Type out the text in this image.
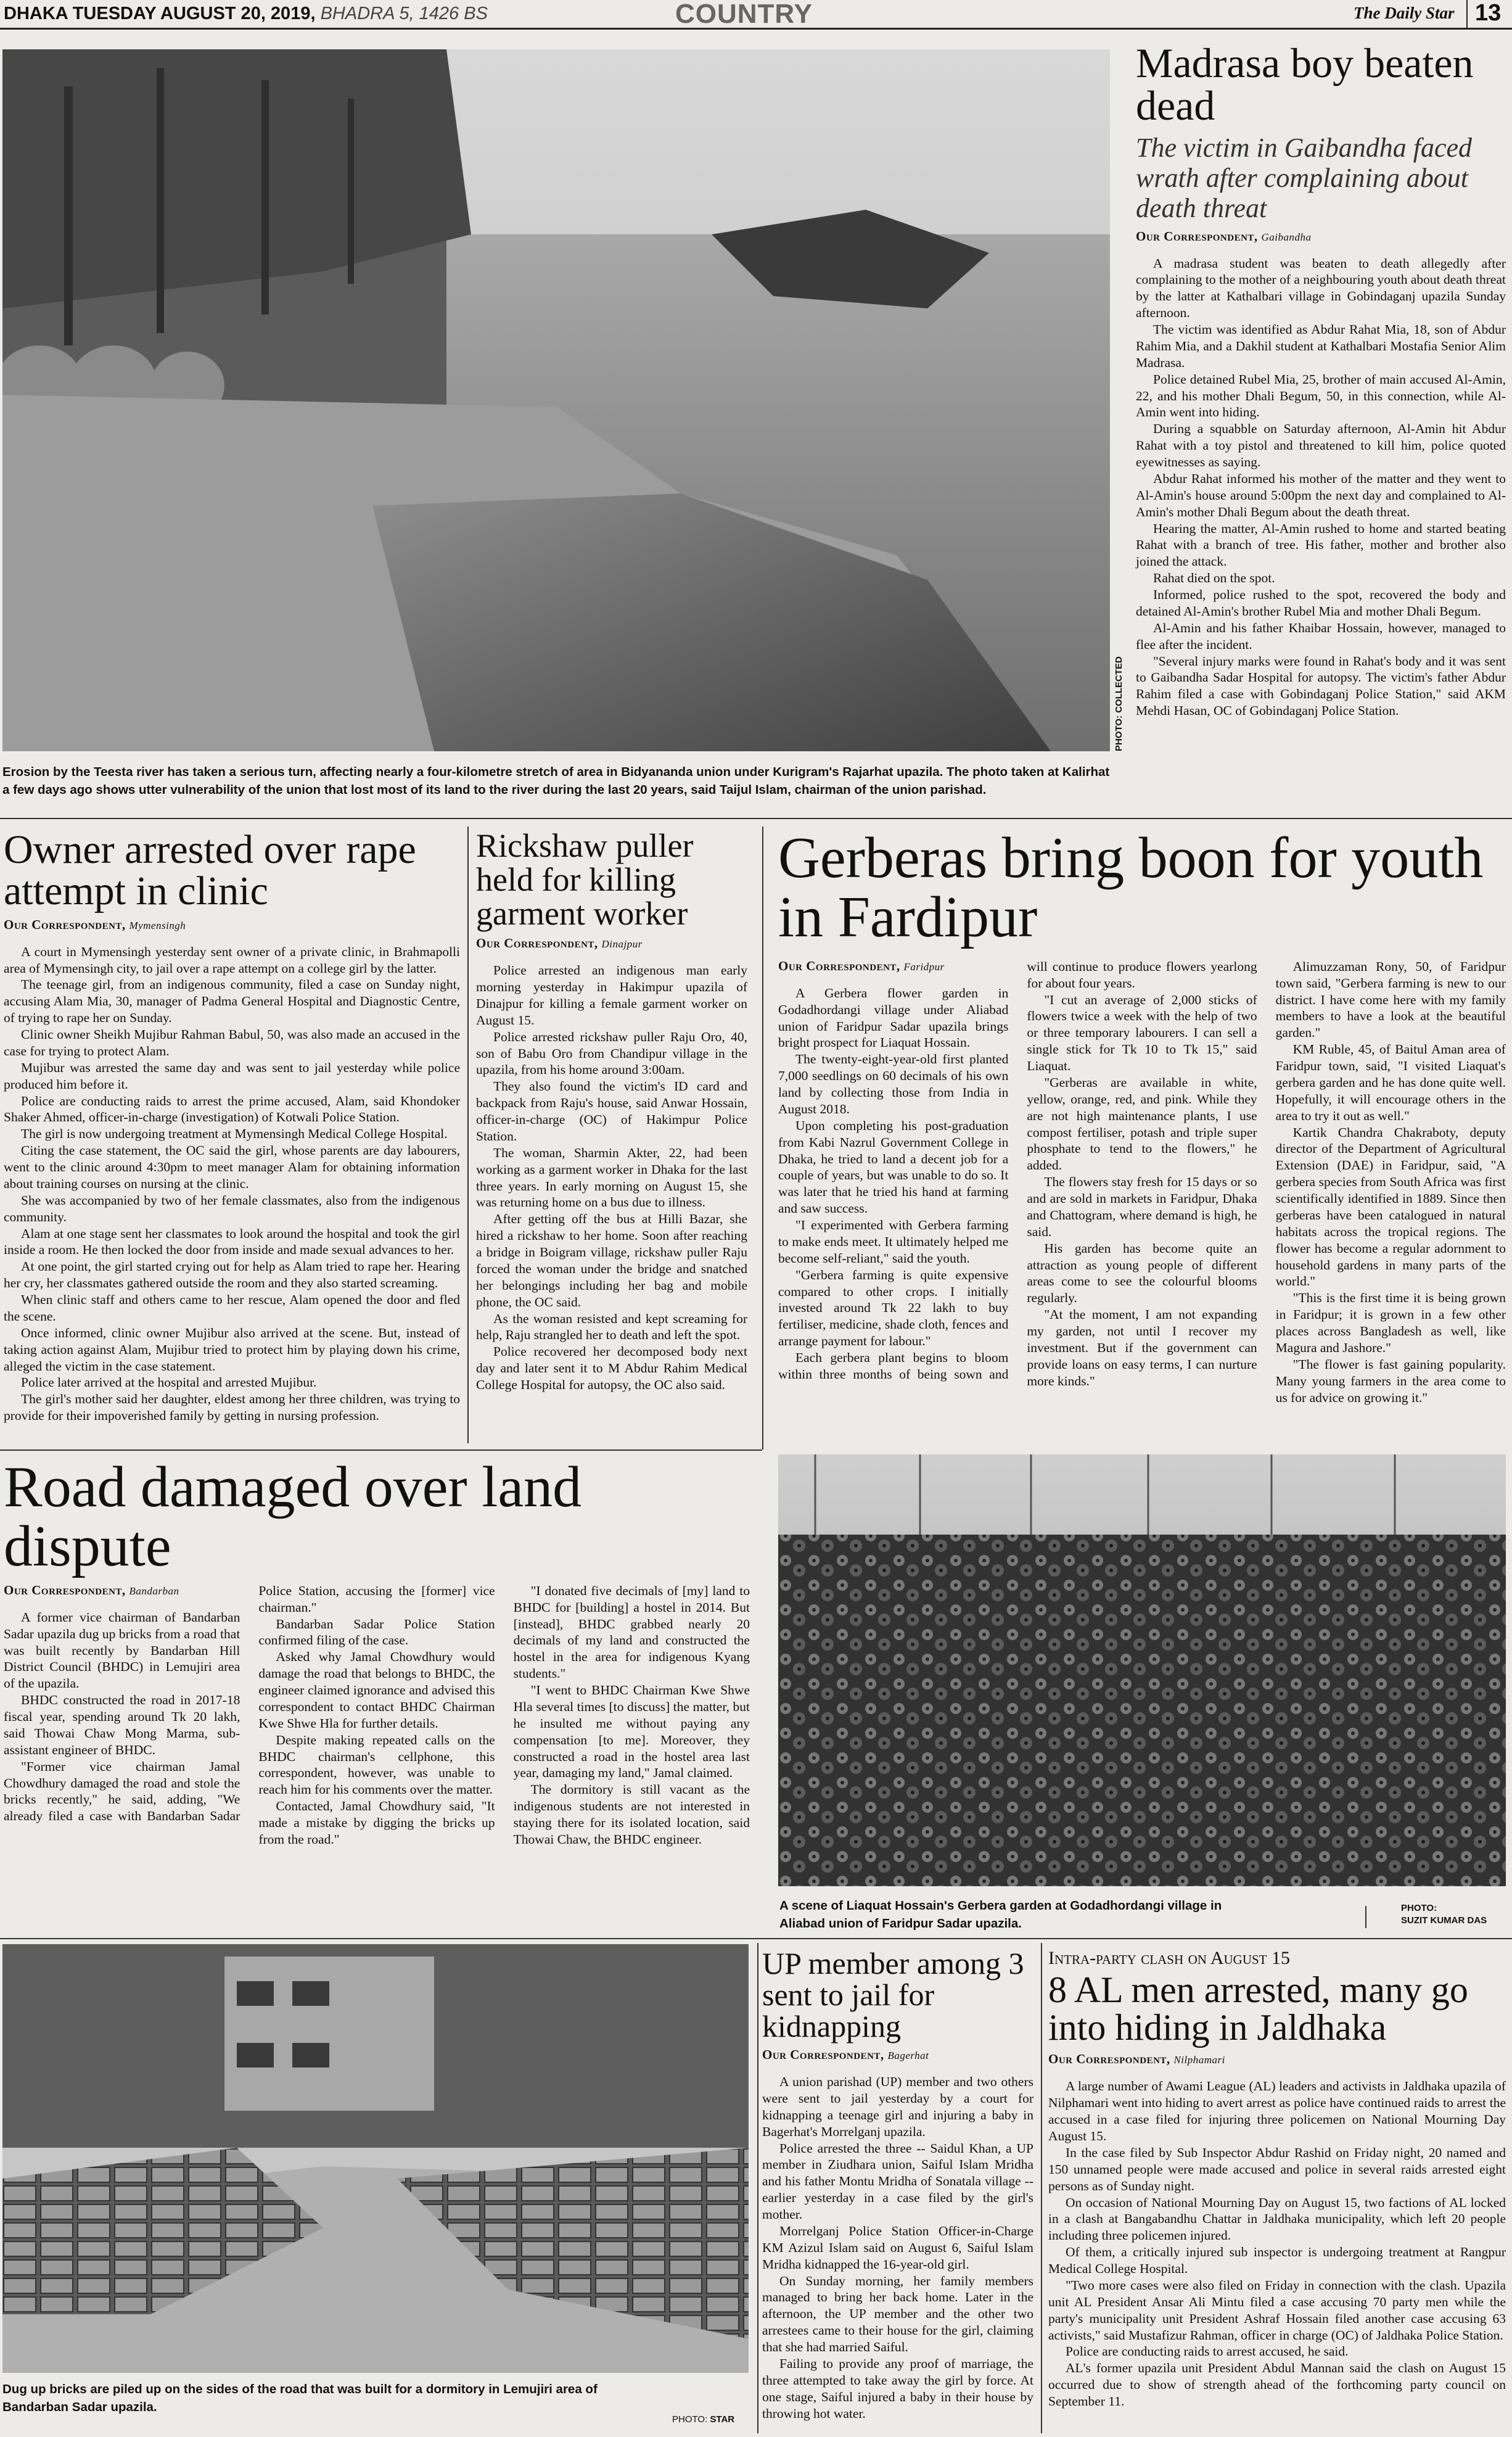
DHAKA TUESDAY AUGUST 20, 2019, BHADRA 5, 1426 BS	COUNTRY	The Daily Star 13
PHOTO: COLLECTED
Erosion by the Teesta river has taken a serious turn, affecting nearly a four-kilometre stretch of area in Bidyananda union under Kurigram's Rajarhat upazila. The photo taken at Kalirhat a few days ago shows utter vulnerability of the union that lost most of its land to the river during the last 20 years, said Taijul Islam, chairman of the union parishad.
Madrasa boy beaten dead
The victim in Gaibandha faced wrath after complaining about death threat
Our Correspondent, Gaibandha

A madrasa student was beaten to death allegedly after complaining to the mother of a neighbouring youth about death threat by the latter at Kathalbari village in Gobindaganj upazila Sunday afternoon.

The victim was identified as Abdur Rahat Mia, 18, son of Abdur Rahim Mia, and a Dakhil student at Kathalbari Mostafia Senior Alim Madrasa.

Police detained Rubel Mia, 25, brother of main accused Al-Amin, 22, and his mother Dhali Begum, 50, in this connection, while Al-Amin went into hiding.

During a squabble on Saturday afternoon, Al-Amin hit Abdur Rahat with a toy pistol and threatened to kill him, police quoted eyewitnesses as saying.

Abdur Rahat informed his mother of the matter and they went to Al-Amin's house around 5:00pm the next day and complained to Al-Amin's mother Dhali Begum about the death threat.

Hearing the matter, Al-Amin rushed to home and started beating Rahat with a branch of tree. His father, mother and brother also joined the attack.

Rahat died on the spot.

Informed, police rushed to the spot, recovered the body and detained Al-Amin's brother Rubel Mia and mother Dhali Begum.

Al-Amin and his father Khaibar Hossain, however, managed to flee after the incident.

"Several injury marks were found in Rahat's body and it was sent to Gaibandha Sadar Hospital for autopsy. The victim's father Abdur Rahim filed a case with Gobindaganj Police Station," said AKM Mehdi Hasan, OC of Gobindaganj Police Station.

Owner arrested over rape attempt in clinic
Our Correspondent, Mymensingh

A court in Mymensingh yesterday sent owner of a private clinic, in Brahmapolli area of Mymensingh city, to jail over a rape attempt on a college girl by the latter.

The teenage girl, from an indigenous community, filed a case on Sunday night, accusing Alam Mia, 30, manager of Padma General Hospital and Diagnostic Centre, of trying to rape her on Sunday.

Clinic owner Sheikh Mujibur Rahman Babul, 50, was also made an accused in the case for trying to protect Alam.

Mujibur was arrested the same day and was sent to jail yesterday while police produced him before it.

Police are conducting raids to arrest the prime accused, Alam, said Khondoker Shaker Ahmed, officer-in-charge (investigation) of Kotwali Police Station.

The girl is now undergoing treatment at Mymensingh Medical College Hospital.

Citing the case statement, the OC said the girl, whose parents are day labourers, went to the clinic around 4:30pm to meet manager Alam for obtaining information about training courses on nursing at the clinic.

She was accompanied by two of her female classmates, also from the indigenous community.

Alam at one stage sent her classmates to look around the hospital and took the girl inside a room. He then locked the door from inside and made sexual advances to her.

At one point, the girl started crying out for help as Alam tried to rape her. Hearing her cry, her classmates gathered outside the room and they also started screaming.

When clinic staff and others came to her rescue, Alam opened the door and fled the scene.

Once informed, clinic owner Mujibur also arrived at the scene. But, instead of taking action against Alam, Mujibur tried to protect him by playing down his crime, alleged the victim in the case statement.

Police later arrived at the hospital and arrested Mujibur.

The girl's mother said her daughter, eldest among her three children, was trying to provide for their impoverished family by getting in nursing profession.

Rickshaw puller held for killing garment worker
Our Correspondent, Dinajpur

Police arrested an indigenous man early morning yesterday in Hakimpur upazila of Dinajpur for killing a female garment worker on August 15.

Police arrested rickshaw puller Raju Oro, 40, son of Babu Oro from Chandipur village in the upazila, from his home around 3:00am.

They also found the victim's ID card and backpack from Raju's house, said Anwar Hossain, officer-in-charge (OC) of Hakimpur Police Station.

The woman, Sharmin Akter, 22, had been working as a garment worker in Dhaka for the last three years. In early morning on August 15, she was returning home on a bus due to illness.

After getting off the bus at Hilli Bazar, she hired a rickshaw to her home. Soon after reaching a bridge in Boigram village, rickshaw puller Raju forced the woman under the bridge and snatched her belongings including her bag and mobile phone, the OC said.

As the woman resisted and kept screaming for help, Raju strangled her to death and left the spot.

Police recovered her decomposed body next day and later sent it to M Abdur Rahim Medical College Hospital for autopsy, the OC also said.

Gerberas bring boon for youth in Fardipur
Our Correspondent, Faridpur

A Gerbera flower garden in Godadhordangi village under Aliabad union of Faridpur Sadar upazila brings bright prospect for Liaquat Hossain.

The twenty-eight-year-old first planted 7,000 seedlings on 60 decimals of his own land by collecting those from India in August 2018.

Upon completing his post-graduation from Kabi Nazrul Government College in Dhaka, he tried to land a decent job for a couple of years, but was unable to do so. It was later that he tried his hand at farming and saw success.

"I experimented with Gerbera farming to make ends meet. It ultimately helped me become self-reliant," said the youth.

"Gerbera farming is quite expensive compared to other crops. I initially invested around Tk 22 lakh to buy fertiliser, medicine, shade cloth, fences and arrange payment for labour."

Each gerbera plant begins to bloom within three months of being sown and will continue to produce flowers yearlong for about four years.

"I cut an average of 2,000 sticks of flowers twice a week with the help of two or three temporary labourers. I can sell a single stick for Tk 10 to Tk 15," said Liaquat.

"Gerberas are available in white, yellow, orange, red, and pink. While they are not high maintenance plants, I use compost fertiliser, potash and triple super phosphate to tend to the flowers," he added.

The flowers stay fresh for 15 days or so and are sold in markets in Faridpur, Dhaka and Chattogram, where demand is high, he said.

His garden has become quite an attraction as young people of different areas come to see the colourful blooms regularly.

"At the moment, I am not expanding my garden, not until I recover my investment. But if the government can provide loans on easy terms, I can nurture more kinds."

Alimuzzaman Rony, 50, of Faridpur town said, "Gerbera farming is new to our district. I have come here with my family members to have a look at the beautiful garden."

KM Ruble, 45, of Baitul Aman area of Faridpur town, said, "I visited Liaquat's gerbera garden and he has done quite well. Hopefully, it will encourage others in the area to try it out as well."

Kartik Chandra Chakraboty, deputy director of the Department of Agricultural Extension (DAE) in Faridpur, said, "A gerbera species from South Africa was first scientifically identified in 1889. Since then gerberas have been catalogued in natural habitats across the tropical regions. The flower has become a regular adornment to household gardens in many parts of the world."

"This is the first time it is being grown in Faridpur; it is grown in a few other places across Bangladesh as well, like Magura and Jashore."

"The flower is fast gaining popularity. Many young farmers in the area come to us for advice on growing it."

A scene of Liaquat Hossain's Gerbera garden at Godadhordangi village in Aliabad union of Faridpur Sadar upazila.
PHOTO:
SUZIT KUMAR DAS
Road damaged over land dispute
Our Correspondent, Bandarban

A former vice chairman of Bandarban Sadar upazila dug up bricks from a road that was built recently by Bandarban Hill District Council (BHDC) in Lemujiri area of the upazila.

BHDC constructed the road in 2017-18 fiscal year, spending around Tk 20 lakh, said Thowai Chaw Mong Marma, sub-assistant engineer of BHDC.

"Former vice chairman Jamal Chowdhury damaged the road and stole the bricks recently," he said, adding, "We already filed a case with Bandarban Sadar Police Station, accusing the [former] vice chairman."

Bandarban Sadar Police Station confirmed filing of the case.

Asked why Jamal Chowdhury would damage the road that belongs to BHDC, the engineer claimed ignorance and advised this correspondent to contact BHDC Chairman Kwe Shwe Hla for further details.

Despite making repeated calls on the BHDC chairman's cellphone, this correspondent, however, was unable to reach him for his comments over the matter.

Contacted, Jamal Chowdhury said, "It made a mistake by digging the bricks up from the road."

"I donated five decimals of [my] land to BHDC for [building] a hostel in 2014. But [instead], BHDC grabbed nearly 20 decimals of my land and constructed the hostel in the area for indigenous Kyang students."

"I went to BHDC Chairman Kwe Shwe Hla several times [to discuss] the matter, but he insulted me without paying any compensation [to me]. Moreover, they constructed a road in the hostel area last year, damaging my land," Jamal claimed.

The dormitory is still vacant as the indigenous students are not interested in staying there for its isolated location, said Thowai Chaw, the BHDC engineer.

Dug up bricks are piled up on the sides of the road that was built for a dormitory in Lemujiri area of Bandarban Sadar upazila.
PHOTO: STAR
UP member among 3 sent to jail for kidnapping
Our Correspondent, Bagerhat

A union parishad (UP) member and two others were sent to jail yesterday by a court for kidnapping a teenage girl and injuring a baby in Bagerhat's Morrelganj upazila.

Police arrested the three -- Saidul Khan, a UP member in Ziudhara union, Saiful Islam Mridha and his father Montu Mridha of Sonatala village -- earlier yesterday in a case filed by the girl's mother.

Morrelganj Police Station Officer-in-Charge KM Azizul Islam said on August 6, Saiful Islam Mridha kidnapped the 16-year-old girl.

On Sunday morning, her family members managed to bring her back home. Later in the afternoon, the UP member and the other two arrestees came to their house for the girl, claiming that she had married Saiful.

Failing to provide any proof of marriage, the three attempted to take away the girl by force. At one stage, Saiful injured a baby in their house by throwing hot water.

Intra-party clash on August 15
8 AL men arrested, many go into hiding in Jaldhaka
Our Correspondent, Nilphamari

A large number of Awami League (AL) leaders and activists in Jaldhaka upazila of Nilphamari went into hiding to avert arrest as police have continued raids to arrest the accused in a case filed for injuring three policemen on National Mourning Day August 15.

In the case filed by Sub Inspector Abdur Rashid on Friday night, 20 named and 150 unnamed people were made accused and police in several raids arrested eight persons as of Sunday night.

On occasion of National Mourning Day on August 15, two factions of AL locked in a clash at Bangabandhu Chattar in Jaldhaka municipality, which left 20 people including three policemen injured.

Of them, a critically injured sub inspector is undergoing treatment at Rangpur Medical College Hospital.

"Two more cases were also filed on Friday in connection with the clash. Upazila unit AL President Ansar Ali Mintu filed a case accusing 70 party men while the party's municipality unit President Ashraf Hossain filed another case accusing 63 activists," said Mustafizur Rahman, officer in charge (OC) of Jaldhaka Police Station.

Police are conducting raids to arrest accused, he said.

AL's former upazila unit President Abdul Mannan said the clash on August 15 occurred due to show of strength ahead of the forthcoming party council on September 11.
